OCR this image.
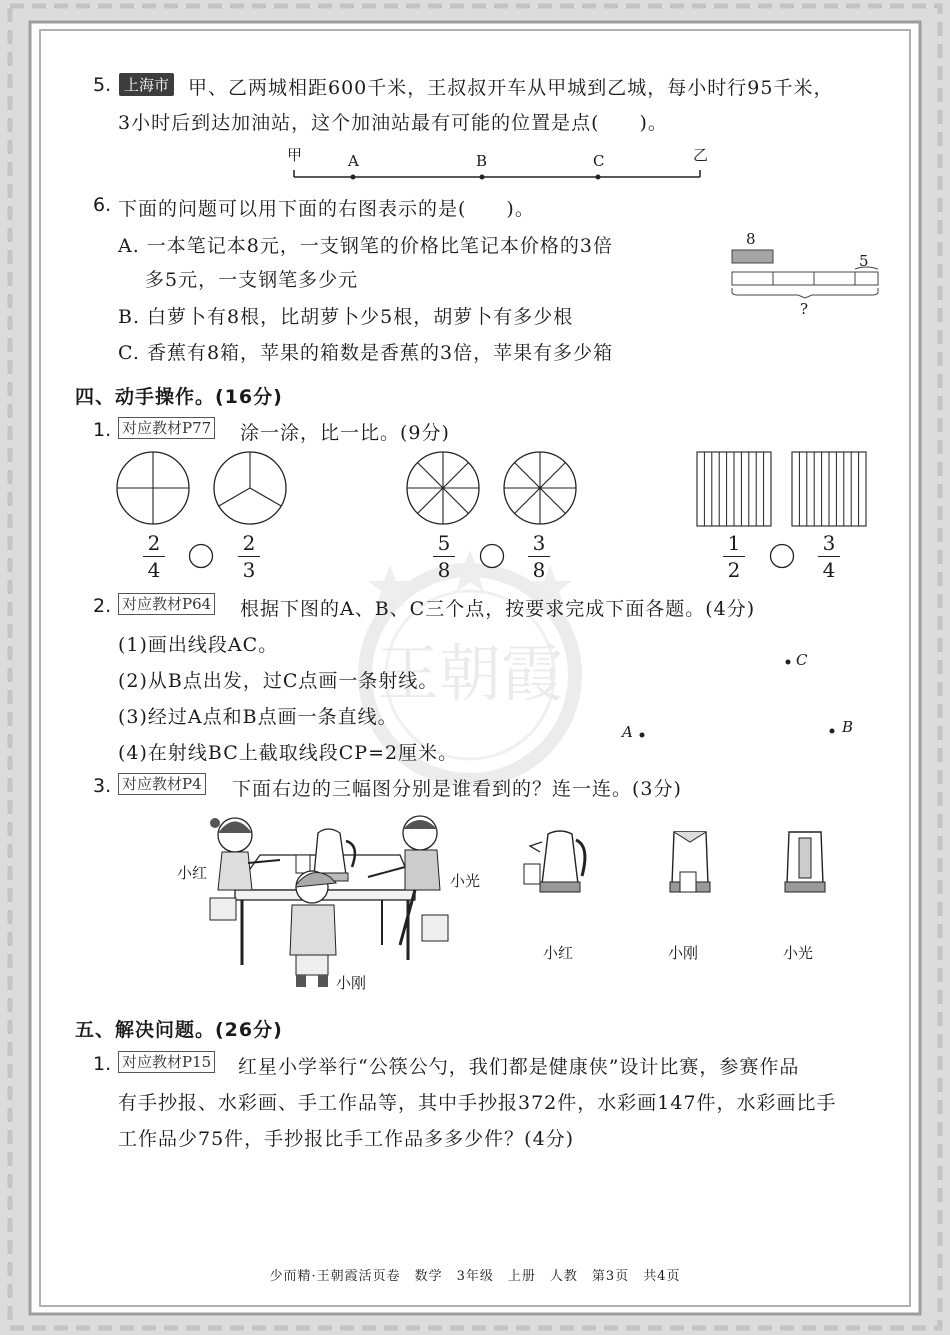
王朝霞
5. 上海市 甲、乙两城相距600千米，王叔叔开车从甲城到乙城，每小时行95千米，
3小时后到达加油站，这个加油站最有可能的位置是点(　　)。
甲	A	B	C	乙
6. 下面的问题可以用下面的右图表示的是(　　)。
A. 一本笔记本8元，一支钢笔的价格比笔记本价格的3倍
多5元，一支钢笔多少元
B. 白萝卜有8根，比胡萝卜少5根，胡萝卜有多少根
C. 香蕉有8箱，苹果的箱数是香蕉的3倍，苹果有多少箱
8
5
?
四、动手操作。(16分)
1. 对应教材P77 涂一涂，比一比。(9分)
2
4
2
3
5
8
3
8
1
2
3
4
2. 对应教材P64 根据下图的A、B、C三个点，按要求完成下面各题。(4分)
(1)画出线段AC。
(2)从B点出发，过C点画一条射线。
(3)经过A点和B点画一条直线。
(4)在射线BC上截取线段CP=2厘米。
C
A	B
3. 对应教材P4 下面右边的三幅图分别是谁看到的？连一连。(3分)
小红	小光
小刚
小红	小刚	小光
五、解决问题。(26分)
1. 对应教材P15 红星小学举行“公筷公勺，我们都是健康侠”设计比赛，参赛作品
有手抄报、水彩画、手工作品等，其中手抄报372件，水彩画147件，水彩画比手
工作品少75件，手抄报比手工作品多多少件？(4分)
少而精·王朝霞活页卷　数学　3年级　上册　人教　第3页　共4页
